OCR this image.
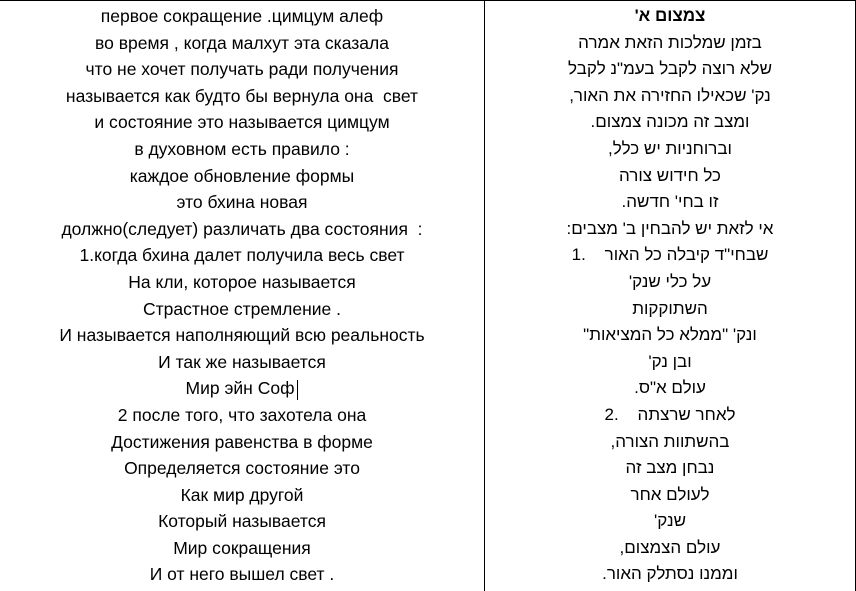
первое сокращение .цимцум алеф
во время , когда малхут эта сказала
что не хочет получать ради получения
называется как будто бы вернула она  свет
и состояние это называется цимцум
в духовном есть правило :
каждое обновление формы
это бхина новая
должно(следует) различать два состояния  :
1.когда бхина далет получила весь свет
На кли, которое называется
Страстное стремление .
И называется наполняющий всю реальность
И так же называется
Мир эйн Соф
2 после того, что захотела она
Достижения равенства в форме
Определяется состояние это
Как мир другой
Который называется
Мир сокращения
И от него вышел свет .
צמצום א'
בזמן שמלכות הזאת אמרה
שלא רוצה לקבל בעמ"נ לקבל
נק' שכאילו החזירה את האור,
ומצב זה מכונה צמצום.
וברוחניות יש כלל,
כל חידוש צורה
זו בחי' חדשה.
אי לזאת יש להבחין ב' מצבים:
שבחי"ד קיבלה כל האור    .1
על כלי שנק'
השתוקקות
ונק' "ממלא כל המציאות"
ובן נק'
עולם א"ס.
לאחר שרצתה    .2
בהשתוות הצורה,
נבחן מצב זה
לעולם אחר
שנק'
עולם הצמצום,
וממנו נסתלק האור.
